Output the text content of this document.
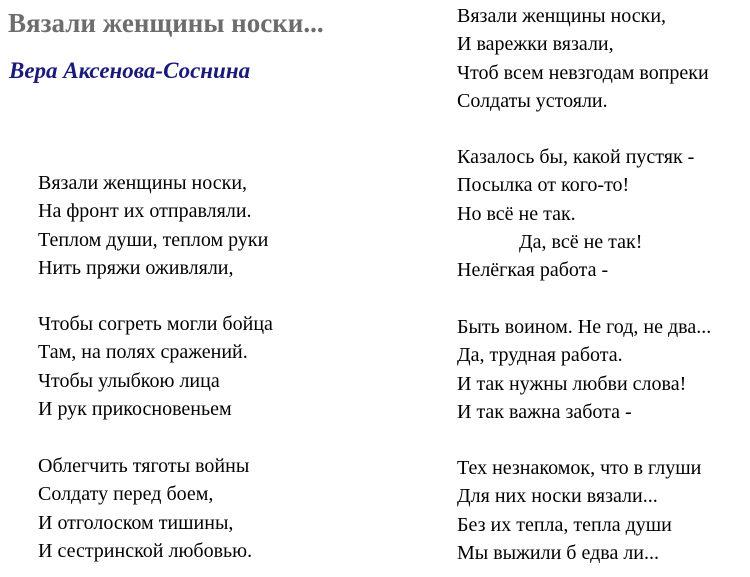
Вязали женщины носки...
Вера Аксенова-Соснина
Вязали женщины носки,
На фронт их отправляли.
Теплом души, теплом руки
Нить пряжи оживляли,
Чтобы согреть могли бойца
Там, на полях сражений.
Чтобы улыбкою лица
И рук прикосновеньем
Облегчить тяготы войны
Солдату перед боем,
И отголоском тишины,
И сестринской любовью.
Вязали женщины носки,
И варежки вязали,
Чтоб всем невзгодам вопреки
Солдаты устояли.
Казалось бы, какой пустяк -
Посылка от кого-то!
Но всё не так.
Да, всё не так!
Нелёгкая работа -
Быть воином. Не год, не два...
Да, трудная работа.
И так нужны любви слова!
И так важна забота -
Тех незнакомок, что в глуши
Для них носки вязали...
Без их тепла, тепла души
Мы выжили б едва ли...
